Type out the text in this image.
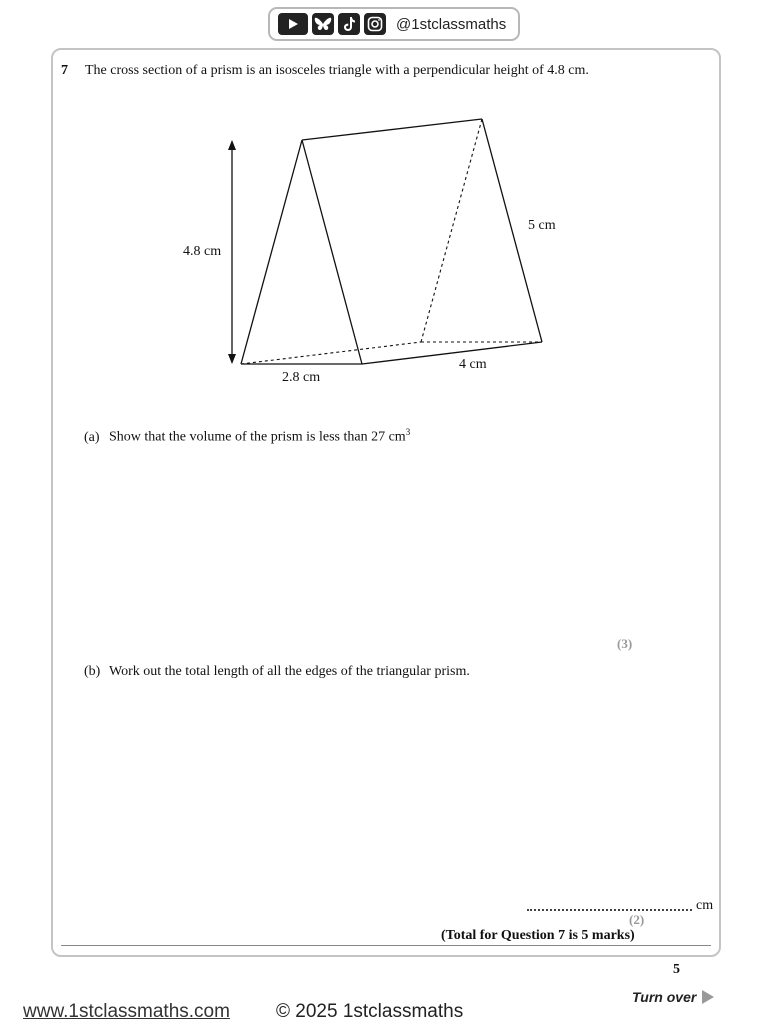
@1stclassmaths
7 The cross section of a prism is an isosceles triangle with a perpendicular height of 4.8 cm.
4.8 cm
5 cm
2.8 cm
4 cm
(a) Show that the volume of the prism is less than 27 $cm^3$
(3)
(b) Work out the total length of all the edges of the triangular prism.
cm
(2)
(Total for Question 7 is 5 marks)
5
Turn over
www.1stclassmaths.com © 2025 1stclassmaths
